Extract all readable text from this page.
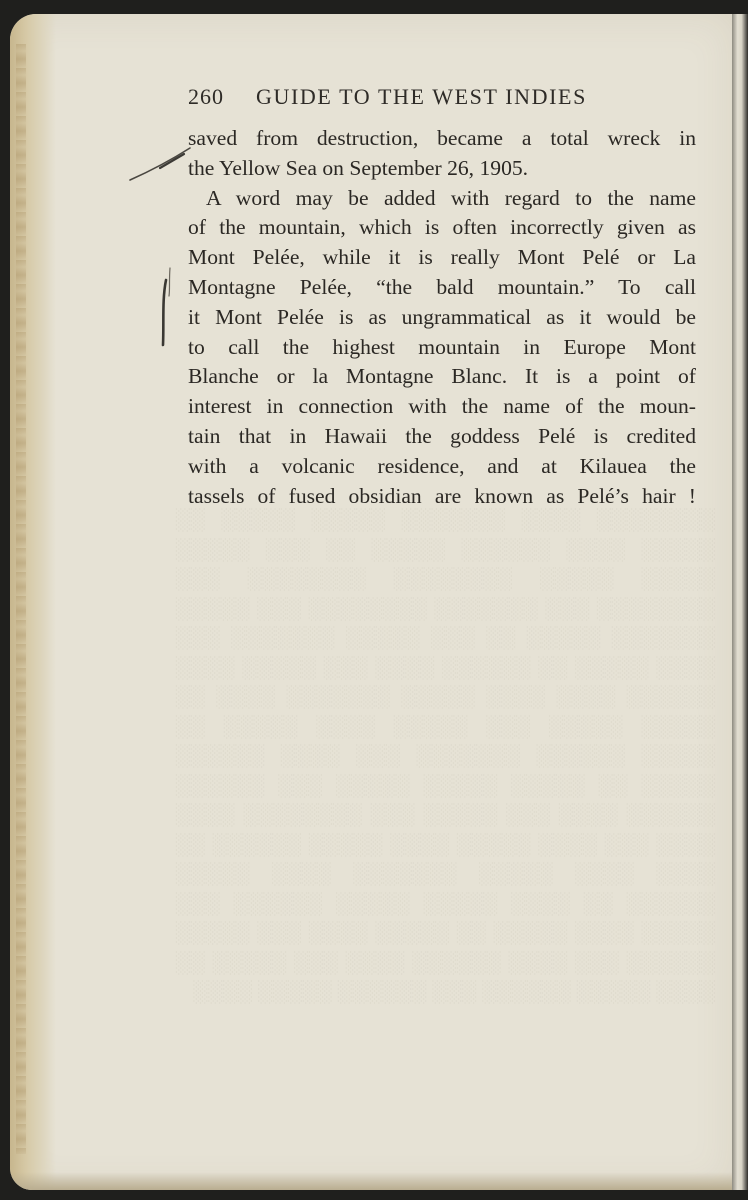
260 GUIDE TO THE WEST INDIES
saved from destruction, became a total wreck in
the Yellow Sea on September 26, 1905.
A word may be added with regard to the name
of the mountain, which is often incorrectly given as
Mont Pelée, while it is really Mont Pelé or La
Montagne Pelée, “the bald mountain.” To call
it Mont Pelée is as ungrammatical as it would be
to call the highest mountain in Europe Mont
Blanche or la Montagne Blanc. It is a point of
interest in connection with the name of the moun-
tain that in Hawaii the goddess Pelé is credited
with a volcanic residence, and at Kilauea the
tassels of fused obsidian are known as Pelé’s hair !
